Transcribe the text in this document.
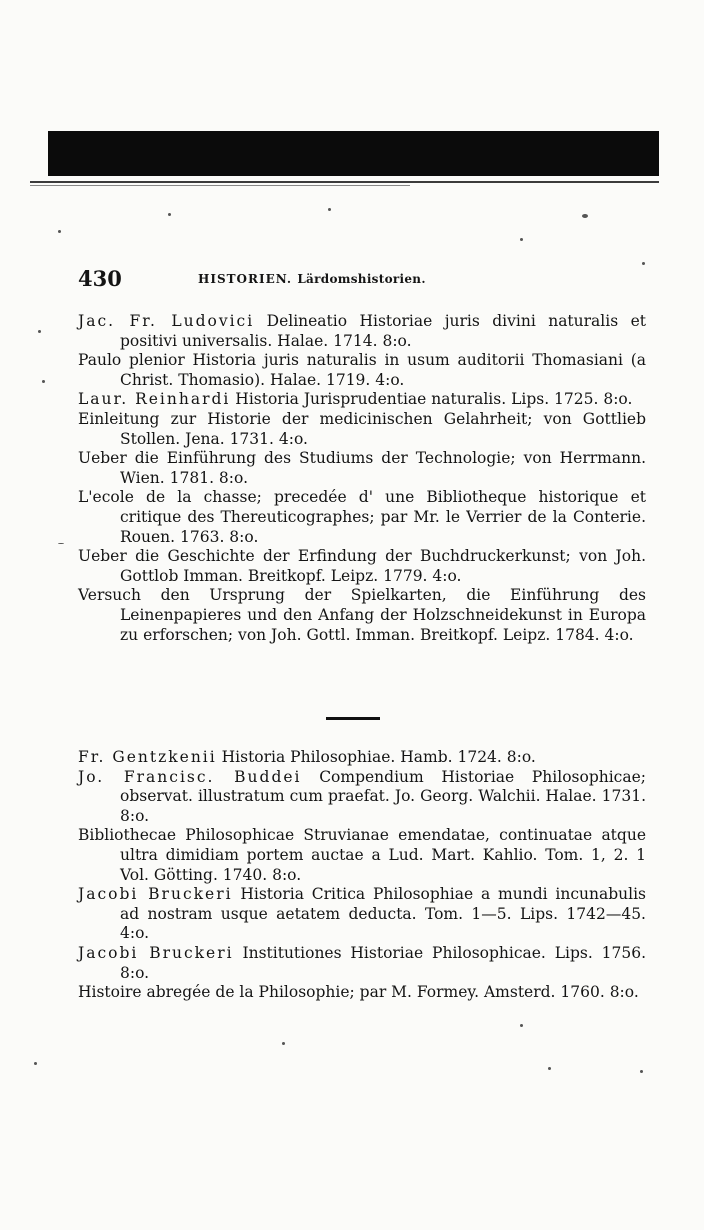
430	HISTORIEN. Lärdomshistorien.

Jac. Fr. Ludovici Delineatio Historiae juris divini naturalis et positivi universalis. Halae. 1714. 8:o.

Paulo plenior Historia juris naturalis in usum auditorii Thomasiani (a Christ. Thomasio). Halae. 1719. 4:o.

Laur. Reinhardi Historia Jurisprudentiae naturalis. Lips. 1725. 8:o.

Einleitung zur Historie der medicinischen Gelahrheit; von Gottlieb Stollen. Jena. 1731. 4:o.

Ueber die Einführung des Studiums der Technologie; von Herrmann. Wien. 1781. 8:o.

L'ecole de la chasse; precedée d' une Bibliotheque historique et critique des Thereuticographes; par Mr. le Verrier de la Conterie. Rouen. 1763. 8:o.

Ueber die Geschichte der Erfindung der Buchdruckerkunst; von Joh. Gottlob Imman. Breitkopf. Leipz. 1779. 4:o.

Versuch den Ursprung der Spielkarten, die Einführung des Leinenpapieres und den Anfang der Holzschneidekunst in Europa zu erforschen; von Joh. Gottl. Imman. Breitkopf. Leipz. 1784. 4:o.

Fr. Gentzkenii Historia Philosophiae. Hamb. 1724. 8:o.

Jo. Francisc. Buddei Compendium Historiae Philosophicae; observat. illustratum cum praefat. Jo. Georg. Walchii. Halae. 1731. 8:o.

Bibliothecae Philosophicae Struvianae emendatae, continuatae atque ultra dimidiam portem auctae a Lud. Mart. Kahlio. Tom. 1, 2. 1 Vol. Götting. 1740. 8:o.

Jacobi Bruckeri Historia Critica Philosophiae a mundi incunabulis ad nostram usque aetatem deducta. Tom. 1—5. Lips. 1742—45. 4:o.

Jacobi Bruckeri Institutiones Historiae Philosophicae. Lips. 1756. 8:o.

Histoire abregée de la Philosophie; par M. Formey. Amsterd. 1760. 8:o.
